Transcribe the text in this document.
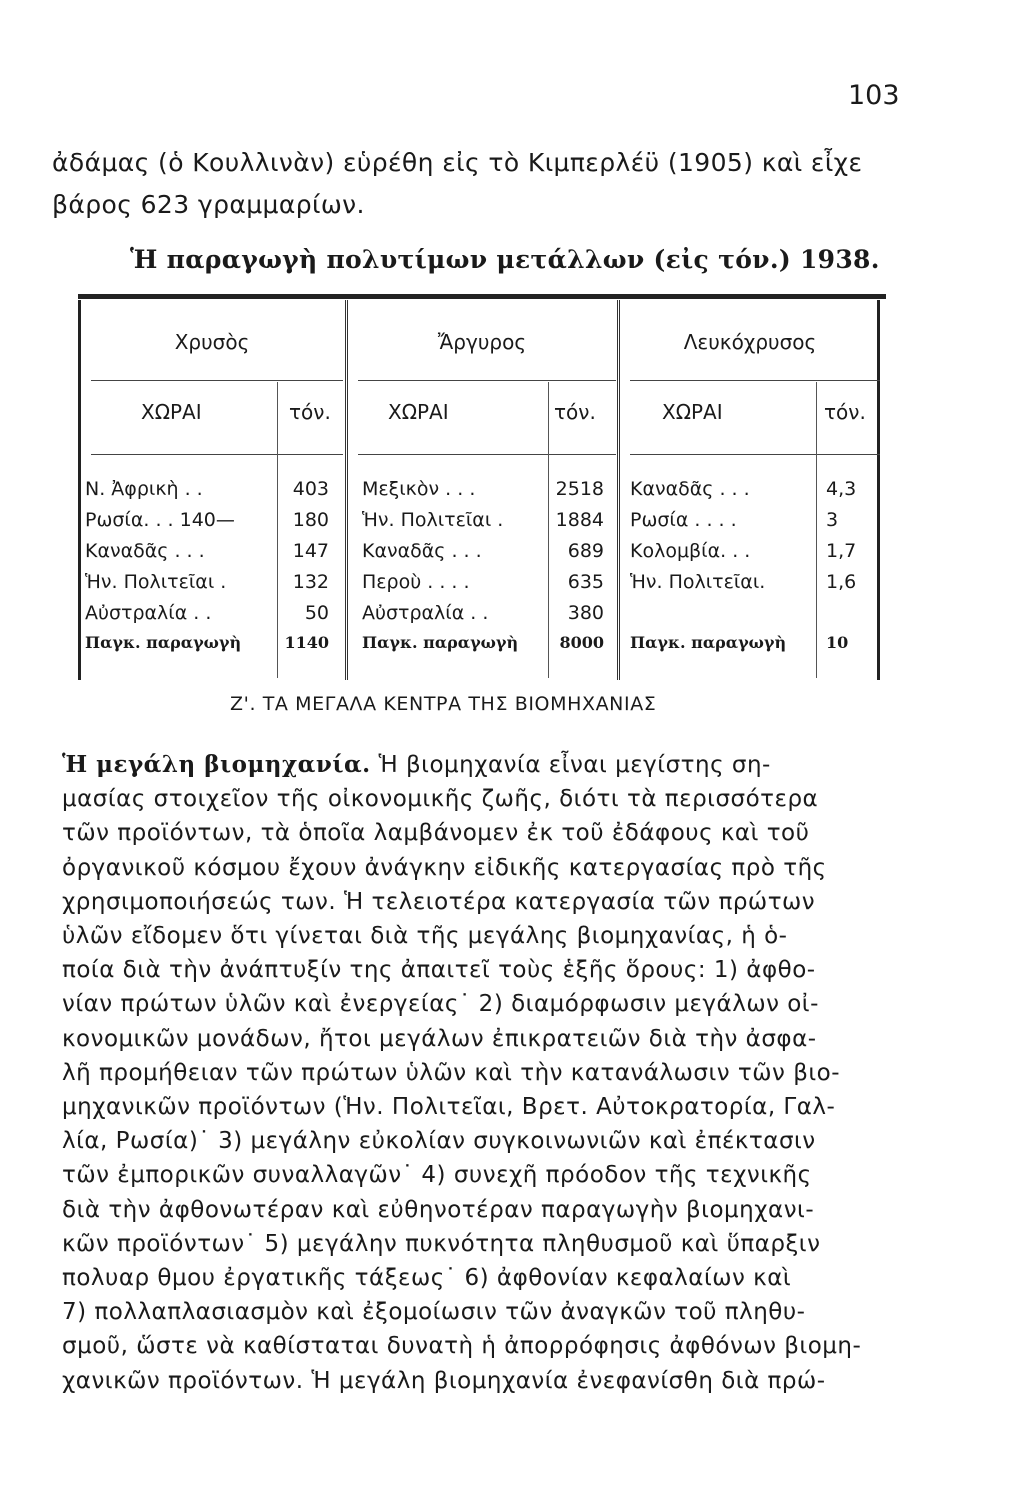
103
ἀδάμας (ὁ Κουλλινὰν) εὑρέθη εἰς τὸ Κιμπερλέϋ (1905) καὶ εἶχε
βάρος 623 γραμμαρίων.
Ἡ παραγωγὴ πολυτίμων μετάλλων (εἰς τόν.) 1938.
Χρυσὸς
ΧΩΡΑΙ	τόν.
Ν. Ἀφρικὴ . .	403
Ρωσία. . . 140—	180
Καναδᾶς . . .	147
Ἡν. Πολιτεῖαι .	132
Αὐστραλία . .	50
Παγκ. παραγωγὴ	1140
Ἄργυρος
ΧΩΡΑΙ	τόν.
Μεξικὸν . . .	2518
Ἡν. Πολιτεῖαι .	1884
Καναδᾶς . . .	689
Περοὺ . . . .	635
Αὐστραλία . .	380
Παγκ. παραγωγὴ	8000
Λευκόχρυσος
ΧΩΡΑΙ	τόν.
Καναδᾶς . . .	4,3
Ρωσία . . . .	3
Κολομβία. . .	1,7
Ἡν. Πολιτεῖαι.	1,6
Παγκ. παραγωγὴ 10
Ζ'. ΤΑ ΜΕΓΑΛΑ ΚΕΝΤΡΑ ΤΗΣ ΒΙΟΜΗΧΑΝΙΑΣ
Ἡ μεγάλη βιομηχανία. Ἡ βιομηχανία εἶναι μεγίστης ση-
μασίας στοιχεῖον τῆς οἰκονομικῆς ζωῆς, διότι τὰ περισσότερα
τῶν προϊόντων, τὰ ὁποῖα λαμβάνομεν ἐκ τοῦ ἐδάφους καὶ τοῦ
ὀργανικοῦ κόσμου ἔχουν ἀνάγκην εἰδικῆς κατεργασίας πρὸ τῆς
χρησιμοποιήσεώς των. Ἡ τελειοτέρα κατεργασία τῶν πρώτων
ὑλῶν εἴδομεν ὅτι γίνεται διὰ τῆς μεγάλης βιομηχανίας, ἡ ὁ-
ποία διὰ τὴν ἀνάπτυξίν της ἀπαιτεῖ τοὺς ἑξῆς ὅρους: 1) ἀφθο-
νίαν πρώτων ὑλῶν καὶ ἐνεργείας˙ 2) διαμόρφωσιν μεγάλων οἰ-
κονομικῶν μονάδων, ἤτοι μεγάλων ἐπικρατειῶν διὰ τὴν ἀσφα-
λῆ προμήθειαν τῶν πρώτων ὑλῶν καὶ τὴν κατανάλωσιν τῶν βιο-
μηχανικῶν προϊόντων (Ἡν. Πολιτεῖαι, Βρετ. Αὐτοκρατορία, Γαλ-
λία, Ρωσία)˙ 3) μεγάλην εὐκολίαν συγκοινωνιῶν καὶ ἐπέκτασιν
τῶν ἐμπορικῶν συναλλαγῶν˙ 4) συνεχῆ πρόοδον τῆς τεχνικῆς
διὰ τὴν ἀφθονωτέραν καὶ εὐθηνοτέραν παραγωγὴν βιομηχανι-
κῶν προϊόντων˙ 5) μεγάλην πυκνότητα πληθυσμοῦ καὶ ὕπαρξιν
πολυαρ θμου ἐργατικῆς τάξεως˙ 6) ἀφθονίαν κεφαλαίων καὶ
7) πολλαπλασιασμὸν καὶ ἐξομοίωσιν τῶν ἀναγκῶν τοῦ πληθυ-
σμοῦ, ὥστε νὰ καθίσταται δυνατὴ ἡ ἀπορρόφησις ἀφθόνων βιομη-
χανικῶν προϊόντων. Ἡ μεγάλη βιομηχανία ἐνεφανίσθη διὰ πρώ-
